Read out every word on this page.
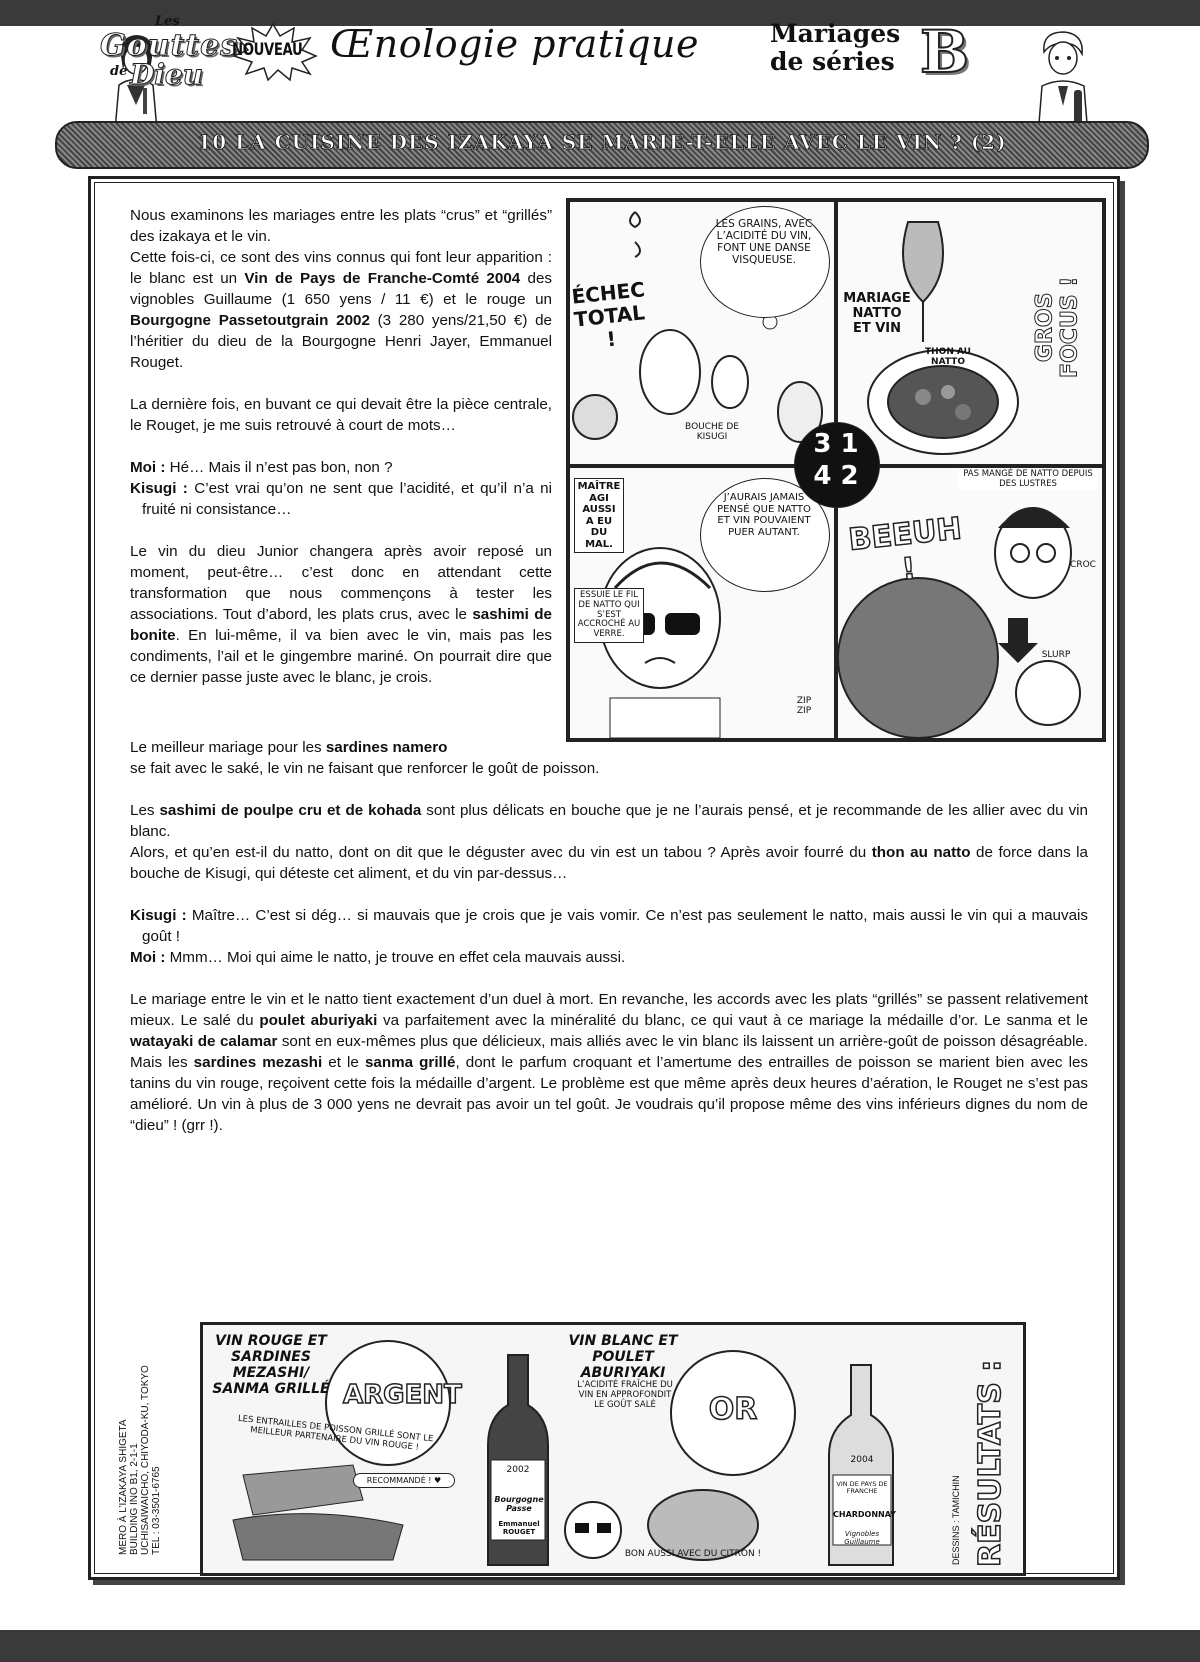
Les
Gouttes
de Dieu
NOUVEAU Œnologie pratique	Mariages
de séries B
10 LA CUISINE DES IZAKAYA SE MARIE-T-ELLE AVEC LE VIN ? (2)

Nous examinons les mariages entre les plats “crus” et “grillés” des izakaya et le vin.

Cette fois-ci, ce sont des vins connus qui font leur apparition : le blanc est un Vin de Pays de Franche-Comté 2004 des vignobles Guillaume (1 650 yens / 11 €) et le rouge un Bourgogne Passetoutgrain 2002 (3 280 yens/21,50 €) de l’héritier du dieu de la Bourgogne Henri Jayer, Emmanuel Rouget.

La dernière fois, en buvant ce qui devait être la pièce centrale, le Rouget, je me suis retrouvé à court de mots…

Moi : Hé… Mais il n’est pas bon, non ?

Kisugi : C’est vrai qu’on ne sent que l’acidité, et qu’il n’a ni fruité ni consistance…

Le vin du dieu Junior changera après avoir reposé un moment, peut-être… c’est donc en attendant cette transformation que nous commençons à tester les associations. Tout d’abord, les plats crus, avec le sashimi de bonite. En lui-même, il va bien avec le vin, mais pas les condiments, l’ail et le gingembre mariné. On pourrait dire que ce dernier passe juste avec le blanc, je crois.

Le meilleur mariage pour les sardines namero

se fait avec le saké, le vin ne faisant que renforcer le goût de poisson.

Les sashimi de poulpe cru et de kohada sont plus délicats en bouche que je ne l’aurais pensé, et je recommande de les allier avec du vin blanc.

Alors, et qu’en est-il du natto, dont on dit que le déguster avec du vin est un tabou ? Après avoir fourré du thon au natto de force dans la bouche de Kisugi, qui déteste cet aliment, et du vin par-dessus…

Kisugi : Maître… C’est si dég… si mauvais que je crois que je vais vomir. Ce n’est pas seulement le natto, mais aussi le vin qui a mauvais goût !

Moi : Mmm… Moi qui aime le natto, je trouve en effet cela mauvais aussi.

Le mariage entre le vin et le natto tient exactement d’un duel à mort. En revanche, les accords avec les plats “grillés” se passent relativement mieux. Le salé du poulet aburiyaki va parfaitement avec la minéralité du blanc, ce qui vaut à ce mariage la médaille d’or. Le sanma et le watayaki de calamar sont en eux-mêmes plus que délicieux, mais alliés avec le vin blanc ils laissent un arrière-goût de poisson désagréable. Mais les sardines mezashi et le sanma grillé, dont le parfum croquant et l’amertume des entrailles de poisson se marient bien avec les tanins du vin rouge, reçoivent cette fois la médaille d’argent. Le problème est que même après deux heures d’aération, le Rouget ne s’est pas amélioré. Un vin à plus de 3 000 yens ne devrait pas avoir un tel goût. Je voudrais qu’il propose même des vins inférieurs dignes du nom de “dieu” ! (grr !).

LES GRAINS, AVEC L’ACIDITÉ DU VIN, FONT UNE DANSE VISQUEUSE.
ÉCHEC TOTAL !
BOUCHE DE KISUGI
MARIAGE NATTO ET VIN
THON AU NATTO
GROS FOCUS !
J’AURAIS JAMAIS PENSÉ QUE NATTO ET VIN POUVAIENT PUER AUTANT.
MAÎTRE AGI AUSSI A EU DU MAL.
ESSUIE LE FIL DE NATTO QUI S’EST ACCROCHÉ AU VERRE.
ZIP ZIP
PAS MANGÉ DE NATTO DEPUIS DES LUSTRES
BEEUH !	CROC
SLURP
3 1
4 2
MERO À L’IZAKAYA SHIGETA BUILDING INO B1, 2-1-1 UCHISAIWAICHO, CHIYODA-KU, TOKYO TEL : 03-3501-6765
VIN ROUGE ET SARDINES MEZASHI/ SANMA GRILLÉ ARGENT
LES ENTRAILLES DE POISSON GRILLÉ SONT LE MEILLEUR PARTENAIRE DU VIN ROUGE !
RECOMMANDÉ ! ♥
2002
Bourgogne Passe
Emmanuel ROUGET
VIN BLANC ET POULET ABURIYAKI
L’ACIDITÉ FRAÎCHE DU VIN EN APPROFONDIT LE GOÛT SALÉ	OR
BON AUSSI AVEC DU CITRON !
2004
VIN DE PAYS DE FRANCHE
CHARDONNAY
Vignobles Guillaume	DESSINS : TAMICHIN RÉSULTATS :
